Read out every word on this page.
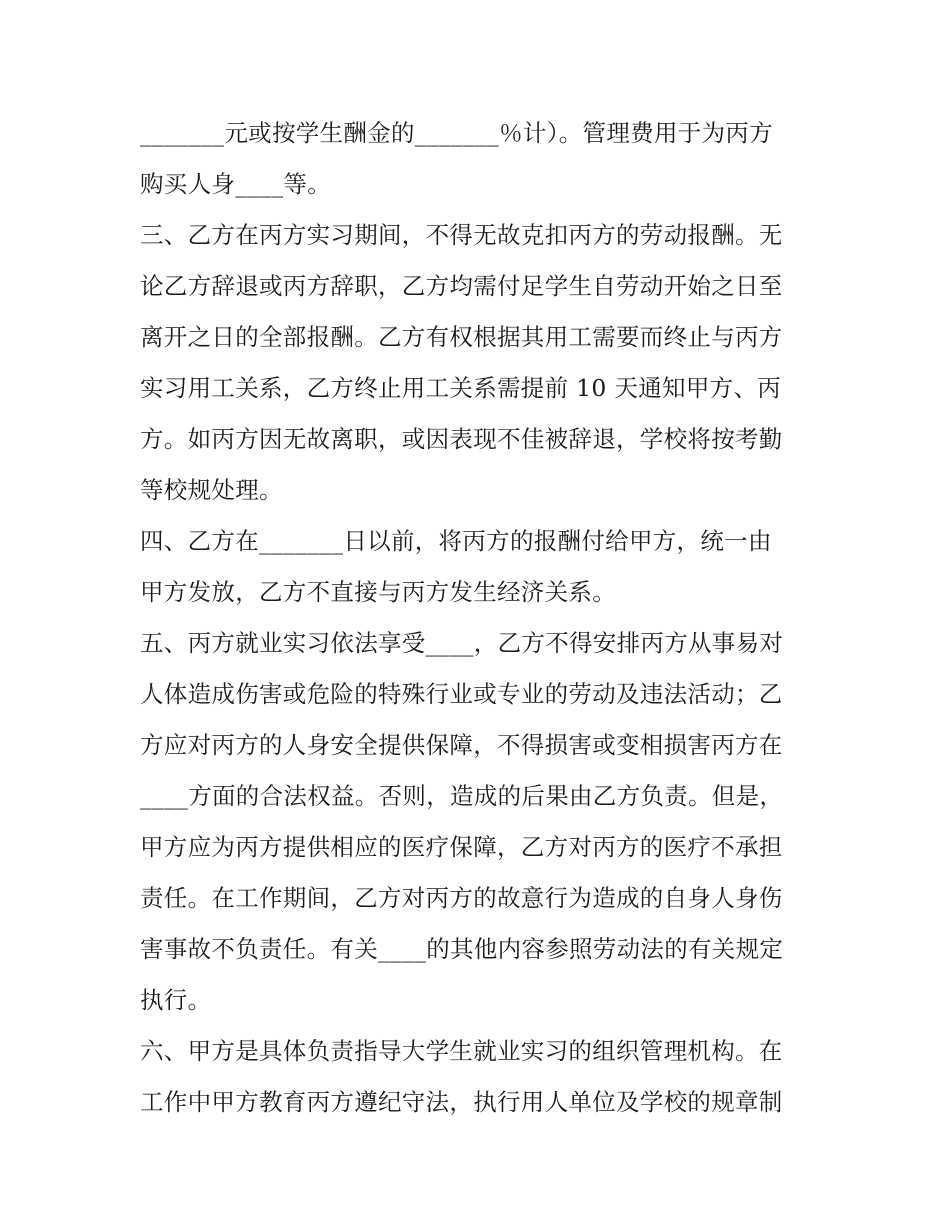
_______元或按学生酬金的_______％计）。管理费用于为丙方
购买人身____等。
三、乙方在丙方实习期间，不得无故克扣丙方的劳动报酬。无
论乙方辞退或丙方辞职，乙方均需付足学生自劳动开始之日至
离开之日的全部报酬。乙方有权根据其用工需要而终止与丙方
实习用工关系，乙方终止用工关系需提前 10 天通知甲方、丙
方。如丙方因无故离职，或因表现不佳被辞退，学校将按考勤
等校规处理。
四、乙方在_______日以前，将丙方的报酬付给甲方，统一由
甲方发放，乙方不直接与丙方发生经济关系。
五、丙方就业实习依法享受____，乙方不得安排丙方从事易对
人体造成伤害或危险的特殊行业或专业的劳动及违法活动；乙
方应对丙方的人身安全提供保障，不得损害或变相损害丙方在
____方面的合法权益。否则，造成的后果由乙方负责。但是，
甲方应为丙方提供相应的医疗保障，乙方对丙方的医疗不承担
责任。在工作期间，乙方对丙方的故意行为造成的自身人身伤
害事故不负责任。有关____的其他内容参照劳动法的有关规定
执行。
六、甲方是具体负责指导大学生就业实习的组织管理机构。在
工作中甲方教育丙方遵纪守法，执行用人单位及学校的规章制
